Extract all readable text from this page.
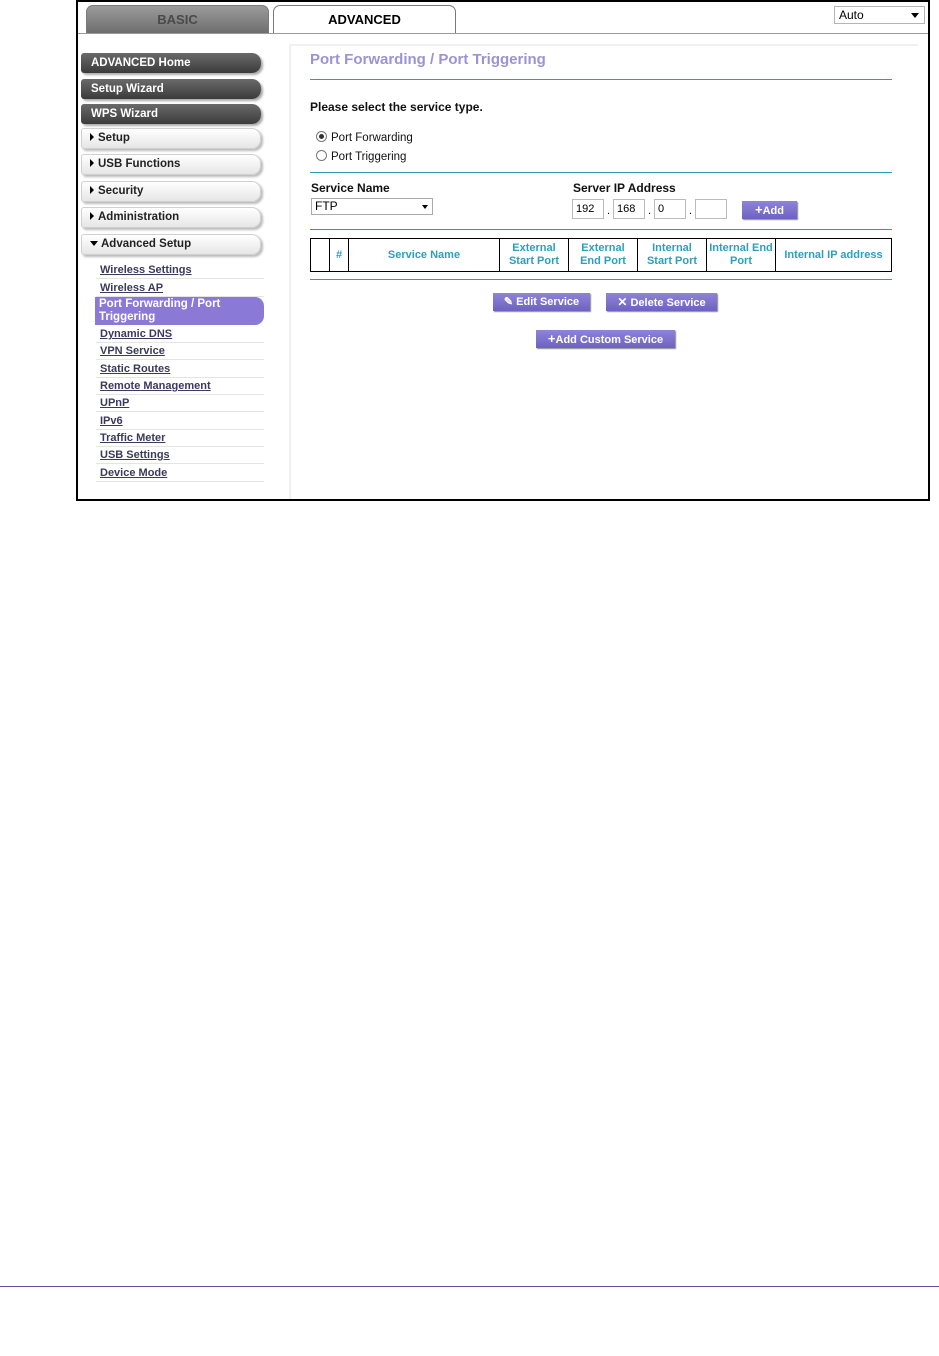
BASIC	ADVANCED	Auto
ADVANCED Home
Setup Wizard
WPS Wizard
Setup
USB Functions
Security
Administration
Advanced Setup
Wireless Settings
Wireless AP
Port Forwarding / Port Triggering
Dynamic DNS
VPN Service
Static Routes
Remote Management
UPnP
IPv6
Traffic Meter
USB Settings
Device Mode
Port Forwarding / Port Triggering
Please select the service type.
Port Forwarding
Port Triggering
Service Name
FTP
Server IP Address
192	. 168	. 0	.	+Add
	#	Service Name	External Start Port	External End Port	Internal Start Port	Internal End Port	Internal IP address
✎ Edit Service	✕ Delete Service
+Add Custom Service
